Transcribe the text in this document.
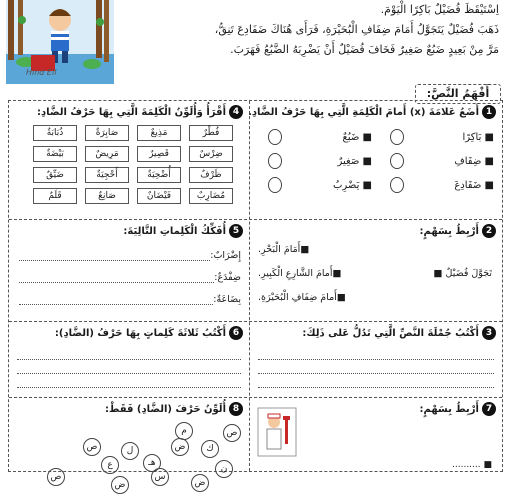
Hind Ell
اِسْتَيْقَظَ فُضَيْلٌ بَاكِرًا الْيَوْمَ.
ذَهَبَ فُضَيْلٌ يَتَجَوَّلُ أَمَامَ ضِفَافِ الْبُحَيْرَةِ، فَرَأَى هُنَاكَ ضَفَادِعَ تَنِقُّ،
مَرَّ مِنْ بَعِيدٍ ضَبُعٌ صَغِيرٌ فَخَافَ فُضَيْلٌ أَنْ يَضْرِبَهُ الضَّبُعُ فَهَرَبَ.
أَفْهَمُ النَّصَّ:
1
أَضَعُ عَلامَةَ (x) أَمامَ الْكَلِمَةِ الَّتِي بِهَا حَرْفُ الضَّادِ.
■

بَاكِرًا
■

ضَبُعٌ
■

ضِفَافِ
■

صَغِيرٌ
■

ضَفَادِعَ
■

يَضْرِبُ
4
أَقْرَأُ وَأُلَوِّنُ الْكَلِمَةَ الَّتِي بِهَا حَرْفُ الضَّادِ:
فُطْرٌ
مَذِيعٌ
صَابِرَةٌ
ذُبَابَةٌ
ضِرْسٌ
قَصِيرٌ
مَرِيضٌ
بَيْضَةٌ
ظَرْفٌ
أُضْحِيَةٌ
أَحْجِيَةٌ
ضَيِّقٌ
مُضَارِبٌ
فَيْضَانٌ
صَانِعٌ
قَلَمٌ
2
أَرْبِطُ بِسَهْمٍ:
تَجَوَّلَ فُضَيْلٌ ■
■أَمَامَ الْبَحْرِ.
■أَمامَ الشَّارِعِ الْكَبِيرِ.
■أَمامَ ضِفَافِ الْبُحَيْرَةِ.
5
أُفَكِّكُ الْكَلِماتِ التَّالِيَةَ:
إِضْرَابٌ:
ضِفْدَعٌ:
بِضَاعَةٌ:
3
أَكْتُبُ جُمْلَةَ النَّصِّ الَّتِي تَدُلُّ عَلى ذَلِكَ:
6
أَكْتُبُ ثَلاثَةَ كَلِماتٍ بِهَا حَرْفُ (الضَّادِ):
7
أَرْبِطُ بِسَهْمٍ:
■ ..........
8
أُلَوِّنُ حَرْفَ (الضَّادِ) فَقَطْ:
ص
م
ض
هـ
ك
ل
ع
ص
ن
س
ض
ص
ض
